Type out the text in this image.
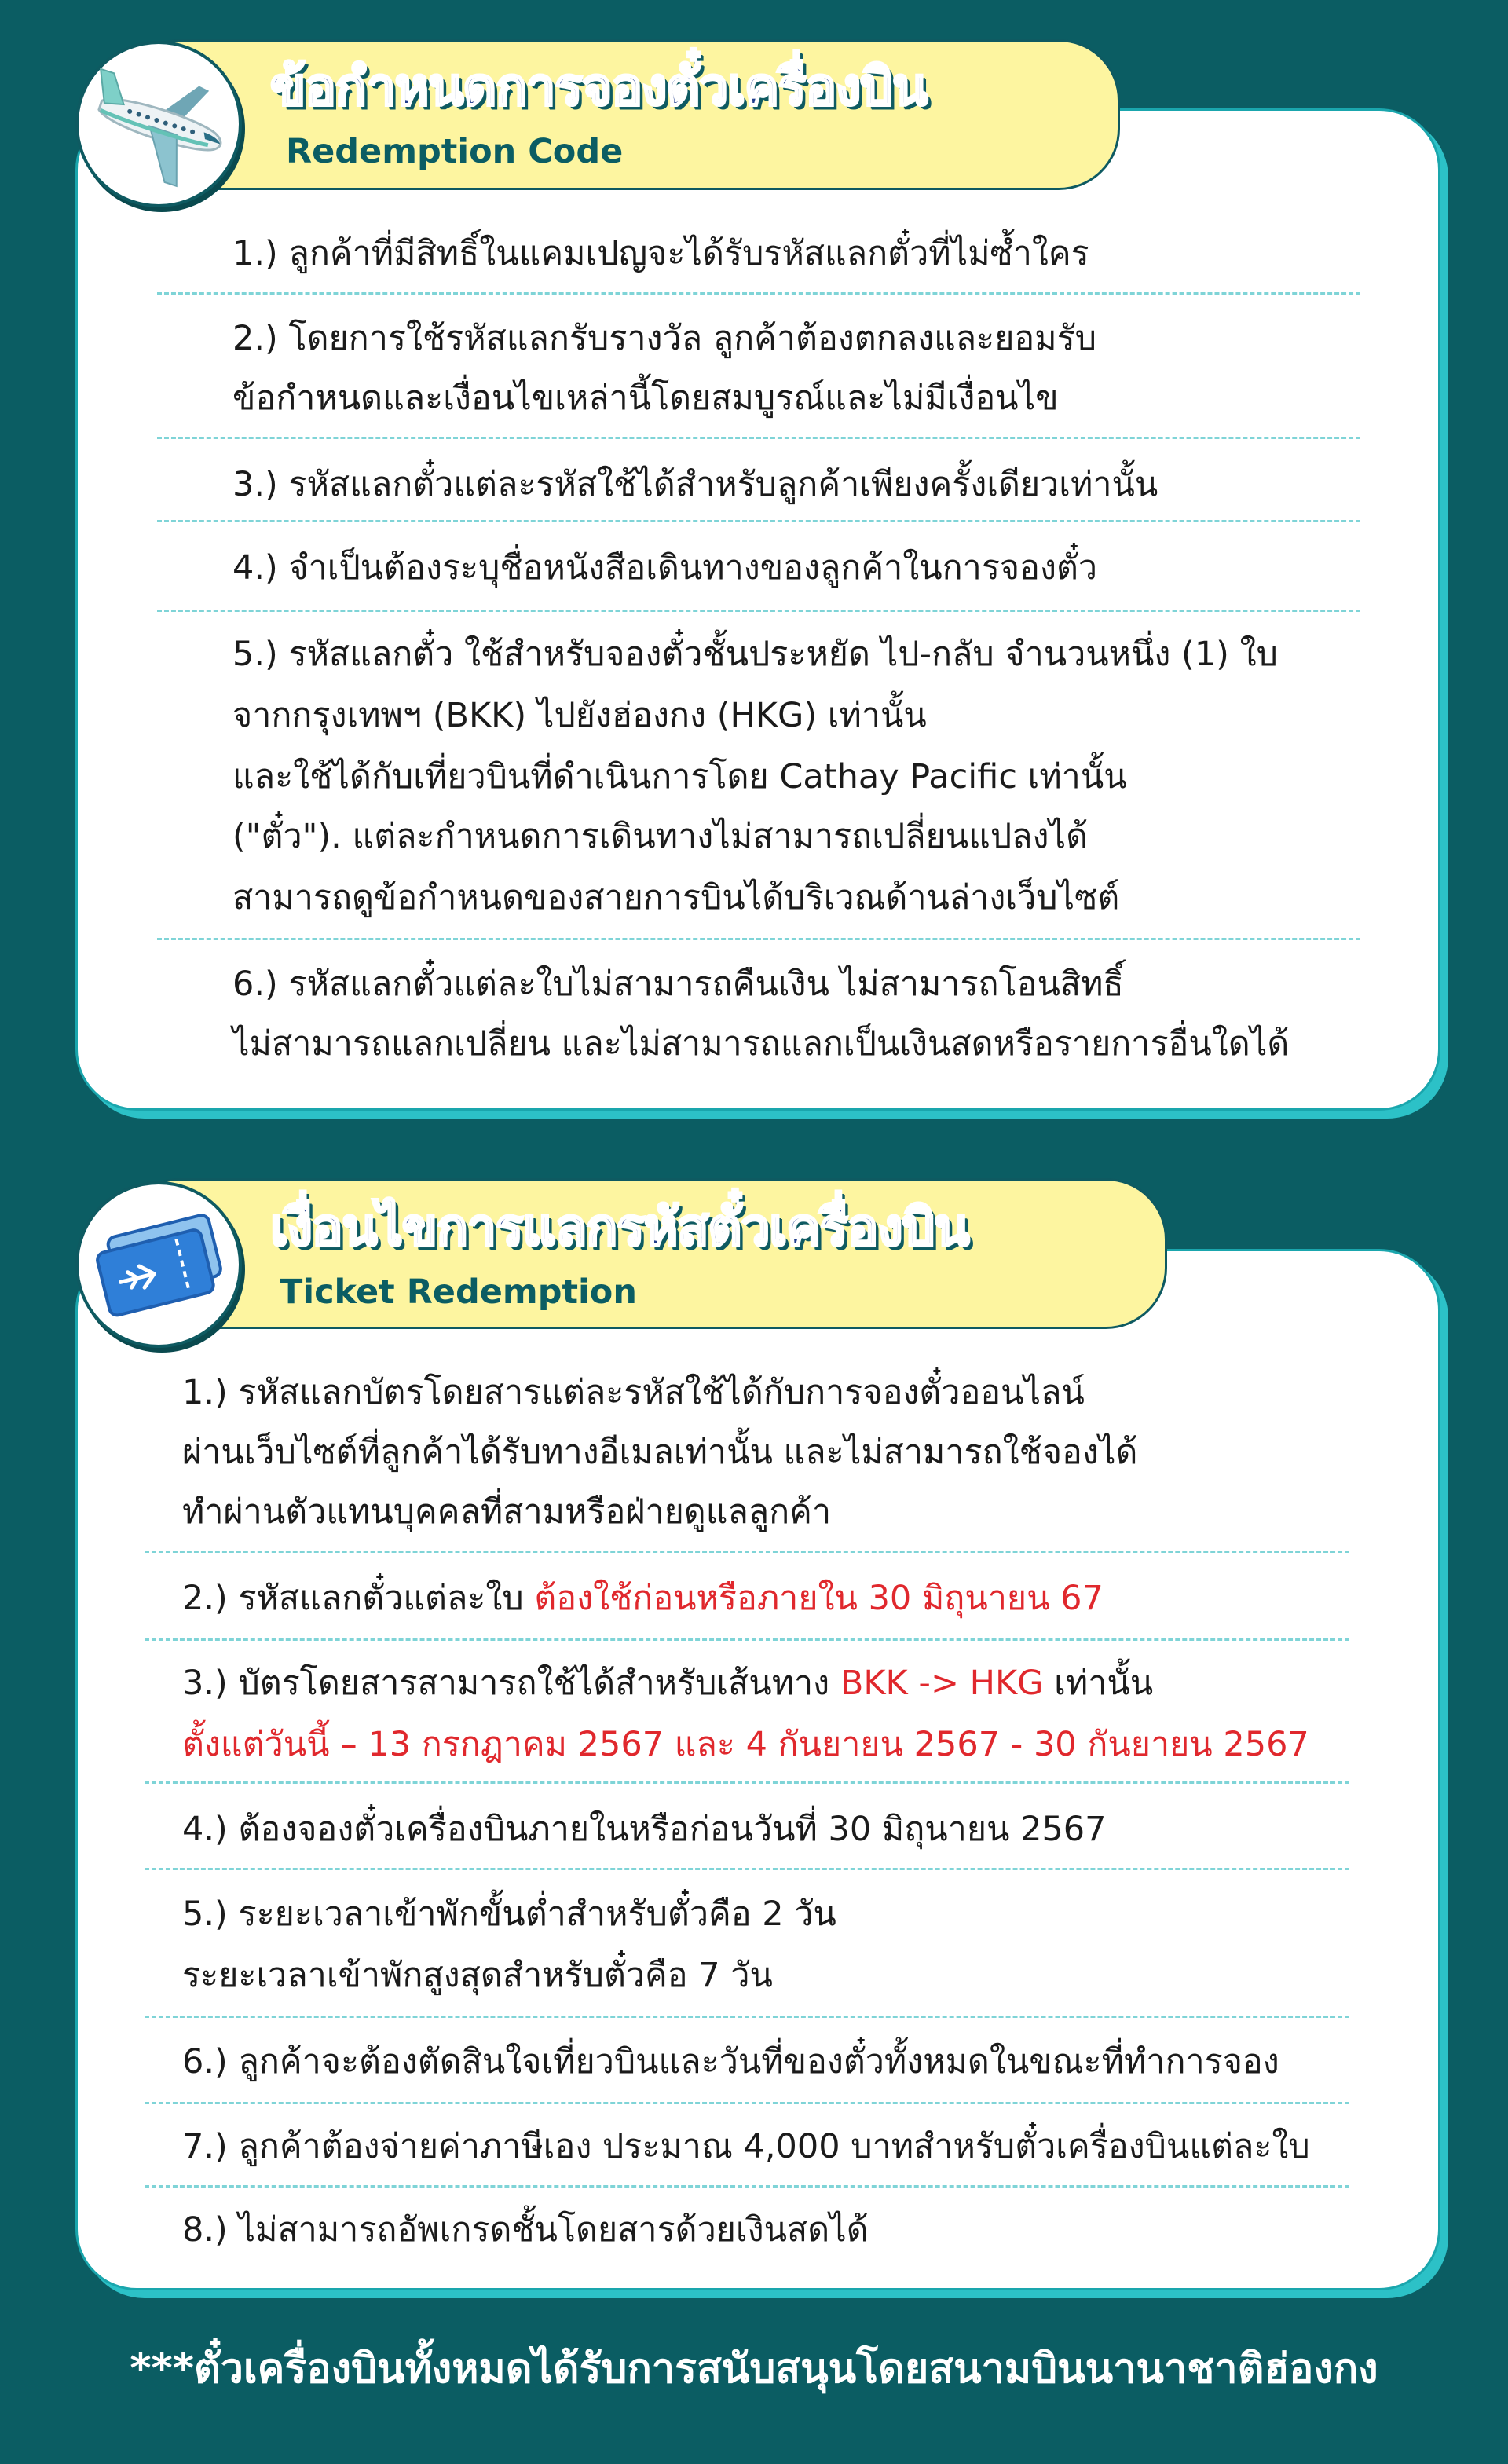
ข้อกำหนดการจองตั๋วเครื่องบิน
Redemption Code
1.) ลูกค้าที่มีสิทธิ์ในแคมเปญจะได้รับรหัสแลกตั๋วที่ไม่ซ้ำใคร
2.) โดยการใช้รหัสแลกรับรางวัล ลูกค้าต้องตกลงและยอมรับ
ข้อกำหนดและเงื่อนไขเหล่านี้โดยสมบูรณ์และไม่มีเงื่อนไข
3.) รหัสแลกตั๋วแต่ละรหัสใช้ได้สำหรับลูกค้าเพียงครั้งเดียวเท่านั้น
4.) จำเป็นต้องระบุชื่อหนังสือเดินทางของลูกค้าในการจองตั๋ว
5.) รหัสแลกตั๋ว ใช้สำหรับจองตั๋วชั้นประหยัด ไป-กลับ จำนวนหนึ่ง (1) ใบ
จากกรุงเทพฯ (BKK) ไปยังฮ่องกง (HKG) เท่านั้น
และใช้ได้กับเที่ยวบินที่ดำเนินการโดย Cathay Pacific เท่านั้น
("ตั๋ว"). แต่ละกำหนดการเดินทางไม่สามารถเปลี่ยนแปลงได้
สามารถดูข้อกำหนดของสายการบินได้บริเวณด้านล่างเว็บไซต์
6.) รหัสแลกตั๋วแต่ละใบไม่สามารถคืนเงิน ไม่สามารถโอนสิทธิ์
ไม่สามารถแลกเปลี่ยน และไม่สามารถแลกเป็นเงินสดหรือรายการอื่นใดได้
เงื่อนไขการแลกรหัสตั๋วเครื่องบิน
Ticket Redemption
1.) รหัสแลกบัตรโดยสารแต่ละรหัสใช้ได้กับการจองตั๋วออนไลน์
ผ่านเว็บไซต์ที่ลูกค้าได้รับทางอีเมลเท่านั้น และไม่สามารถใช้จองได้
ทำผ่านตัวแทนบุคคลที่สามหรือฝ่ายดูแลลูกค้า
2.) รหัสแลกตั๋วแต่ละใบ ต้องใช้ก่อนหรือภายใน 30 มิถุนายน 67
3.) บัตรโดยสารสามารถใช้ได้สำหรับเส้นทาง BKK -> HKG เท่านั้น
ตั้งแต่วันนี้ – 13 กรกฎาคม 2567 และ 4 กันยายน 2567 - 30 กันยายน 2567
4.) ต้องจองตั๋วเครื่องบินภายในหรือก่อนวันที่ 30 มิถุนายน 2567
5.) ระยะเวลาเข้าพักขั้นต่ำสำหรับตั๋วคือ 2 วัน
ระยะเวลาเข้าพักสูงสุดสำหรับตั๋วคือ 7 วัน
6.) ลูกค้าจะต้องตัดสินใจเที่ยวบินและวันที่ของตั๋วทั้งหมดในขณะที่ทำการจอง
7.) ลูกค้าต้องจ่ายค่าภาษีเอง ประมาณ 4,000 บาทสำหรับตั๋วเครื่องบินแต่ละใบ
8.) ไม่สามารถอัพเกรดชั้นโดยสารด้วยเงินสดได้
***ตั๋วเครื่องบินทั้งหมดได้รับการสนับสนุนโดยสนามบินนานาชาติฮ่องกง
